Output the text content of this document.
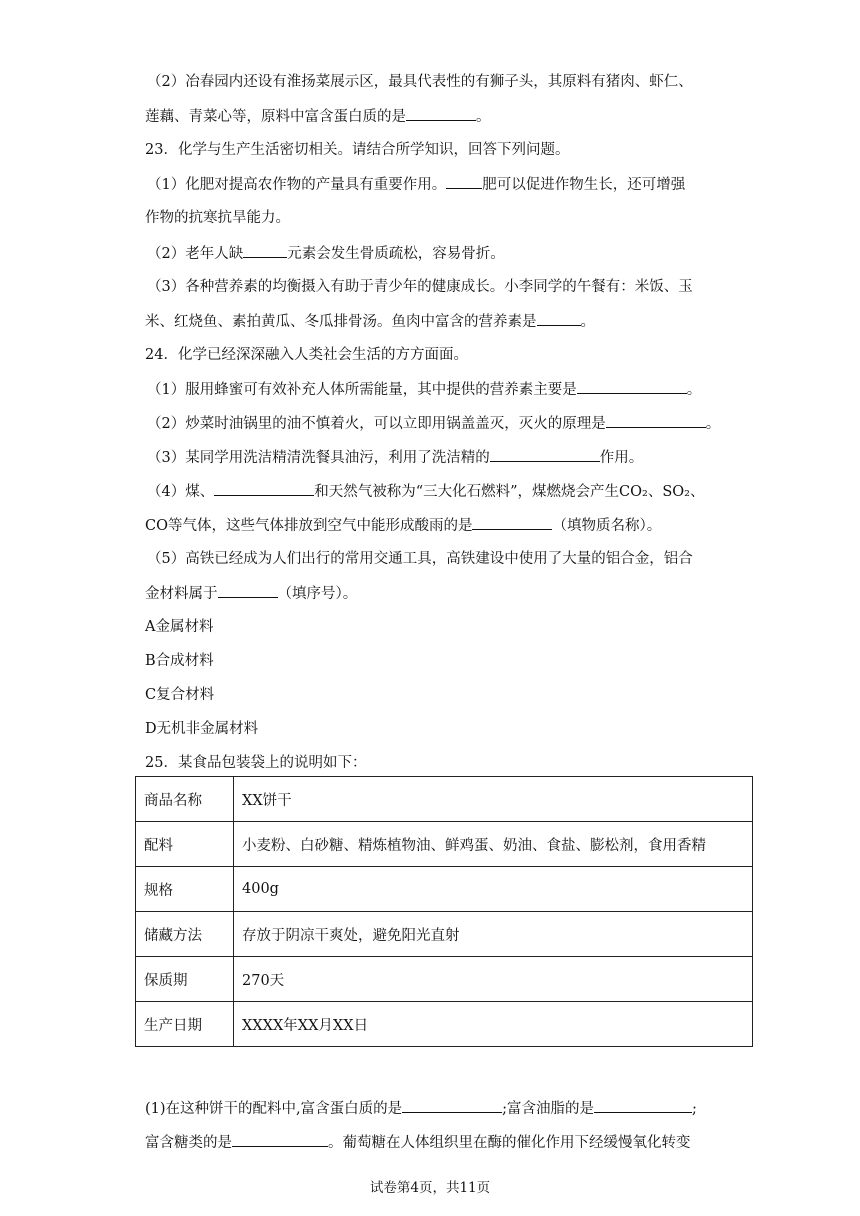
（2）冶春园内还设有淮扬菜展示区，最具代表性的有狮子头，其原料有猪肉、虾仁、
莲藕、青菜心等，原料中富含蛋白质的是	。
23．化学与生产生活密切相关。请结合所学知识，回答下列问题。
（1）化肥对提高农作物的产量具有重要作用。 肥可以促进作物生长，还可增强
作物的抗寒抗旱能力。
（2）老年人缺	元素会发生骨质疏松，容易骨折。
（3）各种营养素的均衡摄入有助于青少年的健康成长。小李同学的午餐有：米饭、玉
米、红烧鱼、素拍黄瓜、冬瓜排骨汤。鱼肉中富含的营养素是	。
24．化学已经深深融入人类社会生活的方方面面。
（1）服用蜂蜜可有效补充人体所需能量，其中提供的营养素主要是	。
（2）炒菜时油锅里的油不慎着火，可以立即用锅盖盖灭，灭火的原理是	。
（3）某同学用洗洁精清洗餐具油污，利用了洗洁精的	作用。
（4）煤、	和天然气被称为“三大化石燃料”，煤燃烧会产生CO₂、SO₂、
CO等气体，这些气体排放到空气中能形成酸雨的是	（填物质名称）。
（5）高铁已经成为人们出行的常用交通工具，高铁建设中使用了大量的铝合金，铝合
金材料属于	（填序号）。
A金属材料
B合成材料
C复合材料
D无机非金属材料
25．某食品包装袋上的说明如下：
(1)在这种饼干的配料中,富含蛋白质的是	;富含油脂的是	;
富含糖类的是	。葡萄糖在人体组织里在酶的催化作用下经缓慢氧化转变
商品名称	XX饼干
配料	小麦粉、白砂糖、精炼植物油、鲜鸡蛋、奶油、食盐、膨松剂，食用香精
规格	400g
储藏方法	存放于阴凉干爽处，避免阳光直射
保质期	270天
生产日期	XXXX年XX月XX日
试卷第4页，共11页
